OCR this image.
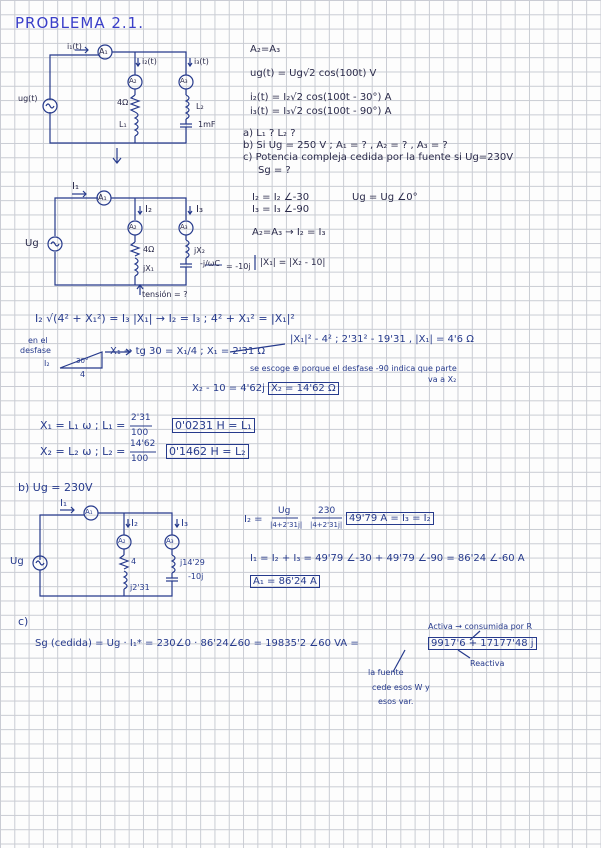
PROBLEMA 2.1.
A₂=A₃
ug(t) = Ug√2 cos(100t) V
i₂(t) = I₂√2 cos(100t - 30°) A
i₃(t) = I₃√2 cos(100t - 90°) A
a) L₁ ? L₂ ?
b) Si Ug = 250 V ; A₁ = ? , A₂ = ? , A₃ = ?
c) Potencia compleja cedida por la fuente si Ug=230V
Sg = ?
i₁(t)
A₁
i₂(t)	i₃(t)
A₂	A₃
ug(t)	4Ω
L₁
L₂
1mF
I₁
A₁
I₂	I₃
A₂	A₃
Ug
4Ω
jX₁
jX₂
-j/ωC = -10j
tensión = ?
I₂ = I₂ ∠-30
I₃ = I₃ ∠-90
Ug = Ug ∠0°
A₂=A₃ → I₂ = I₃
|X₁| = |X₂ - 10|
I₂ √(4² + X₁²) = I₃ |X₁| → I₂ = I₃ ; 4² + X₁² = |X₁|²
|X₁|² - 4² ; 2'31² - 19'31 , |X₁| = 4'6 Ω
en el
desfase
30°
I₂
4
X₁ → tg 30 = X₁/4 ; X₁ = 2'31 Ω
se escoge ⊕ porque el desfase -90 indica que parte
va a X₂
X₂ - 10 = 4'62j X₂ = 14'62 Ω
X₁ = L₁ ω ; L₁ =
2'31
100
0'0231 H = L₁
X₂ = L₂ ω ; L₂ =
14'62
100
0'1462 H = L₂
b) Ug = 230V
I₁
A₁
I₂	I₃
A₂	A₃
Ug	4
j2'31
j14'29
-10j
I₂ =
Ug
|4+2'31j|
230
|4+2'31j|
49'79 A = I₃ = I₂
I₁ = I₂ + I₃ = 49'79 ∠-30 + 49'79 ∠-90 = 86'24 ∠-60 A
A₁ = 86'24 A
c)	Activa → consumida por R
Sg (cedida) = Ug · I₁* = 230∠0 · 86'24∠60 = 19835'2 ∠60 VA =	9917'6 + 17177'48 j
Reactiva
la fuente
cede esos W y
esos var.
